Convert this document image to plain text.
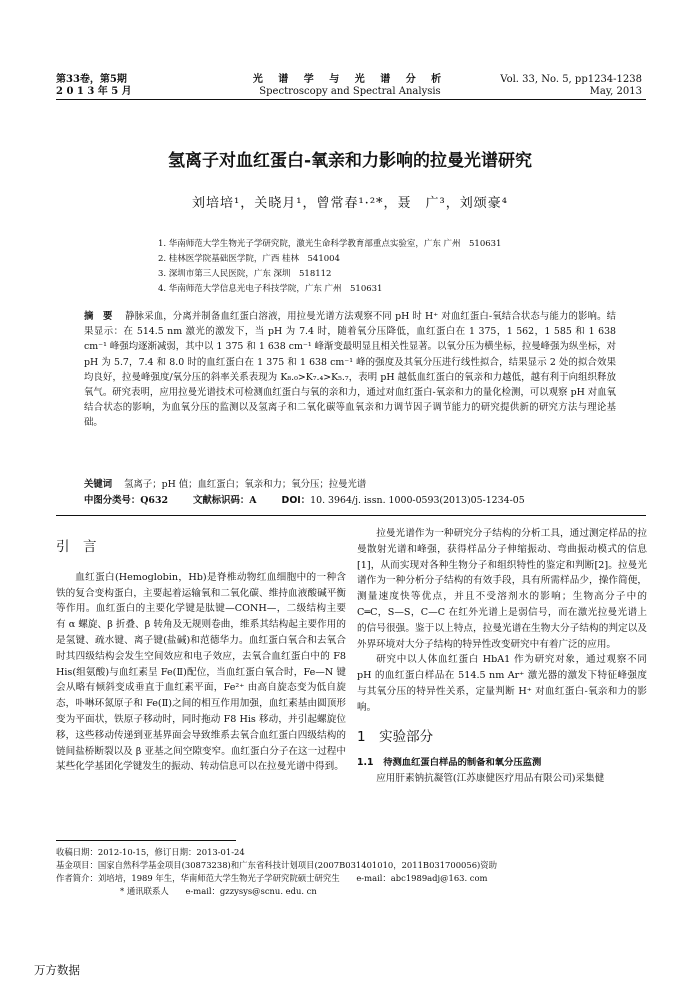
第33卷，第5期
2 0 1 3 年 5 月
光 谱 学 与 光 谱 分 析
Spectroscopy and Spectral Analysis
Vol. 33, No. 5, pp1234-1238
May, 2013
氢离子对血红蛋白-氧亲和力影响的拉曼光谱研究
刘培培¹，关晓月¹，曾常春¹·²*，聂　广³，刘颂豪⁴
1. 华南师范大学生物光子学研究院，激光生命科学教育部重点实验室，广东 广州　510631
2. 桂林医学院基础医学院，广西 桂林　541004
3. 深圳市第三人民医院，广东 深圳　518112
4. 华南师范大学信息光电子科技学院，广东 广州　510631
摘　要 静脉采血，分离并制备血红蛋白溶液，用拉曼光谱方法观察不同 pH 时 H⁺ 对血红蛋白-氧结合状态与能力的影响。结果显示：在 514.5 nm 激光的激发下，当 pH 为 7.4 时，随着氧分压降低，血红蛋白在 1 375，1 562，1 585 和 1 638 cm⁻¹ 峰强均逐渐减弱，其中以 1 375 和 1 638 cm⁻¹ 峰渐变最明显且相关性显著。以氧分压为横坐标，拉曼峰强为纵坐标，对 pH 为 5.7，7.4 和 8.0 时的血红蛋白在 1 375 和 1 638 cm⁻¹ 峰的强度及其氧分压进行线性拟合，结果显示 2 处的拟合效果均良好，拉曼峰强度/氧分压的斜率关系表现为 K₈.₀>K₇.₄>K₅.₇，表明 pH 越低血红蛋白的氧亲和力越低，越有利于向组织释放氧气。研究表明，应用拉曼光谱技术可检测血红蛋白与氧的亲和力，通过对血红蛋白-氧亲和力的量化检测，可以观察 pH 对血氧结合状态的影响，为血氧分压的监测以及氢离子和二氧化碳等血氧亲和力调节因子调节能力的研究提供新的研究方法与理论基础。
关键词 氢离子；pH 值；血红蛋白；氧亲和力；氧分压；拉曼光谱
中图分类号：Q632	文献标识码：A	DOI：10. 3964/j. issn. 1000-0593(2013)05-1234-05
引　言

血红蛋白(Hemoglobin，Hb)是脊椎动物红血细胞中的一种含铁的复合变构蛋白，主要起着运输氧和二氧化碳、维持血液酸碱平衡等作用。血红蛋白的主要化学键是肽键—CONH—，二级结构主要有 α 螺旋、β 折叠、β 转角及无规则卷曲，维系其结构起主要作用的是氢键、疏水键、离子键(盐碱)和范德华力。血红蛋白氧合和去氧合时其四级结构会发生空间效应和电子效应，去氧合血红蛋白中的 F8 His(组氨酸)与血红素呈 Fe(Ⅱ)配位，当血红蛋白氧合时，Fe—N 键会从略有倾斜变成垂直于血红素平面，Fe²⁺ 由高自旋态变为低自旋态，卟啉环氮原子和 Fe(Ⅱ)之间的相互作用加强，血红素基由圆顶形变为平面状，铁原子移动时，同时拖动 F8 His 移动，并引起螺旋位移，这些移动传递到亚基界面会导致维系去氧合血红蛋白四级结构的链间盐桥断裂以及 β 亚基之间空隙变窄。血红蛋白分子在这一过程中某些化学基团化学键发生的振动、转动信息可以在拉曼光谱中得到。

拉曼光谱作为一种研究分子结构的分析工具，通过测定样品的拉曼散射光谱和峰强，获得样品分子伸缩振动、弯曲振动模式的信息[1]，从而实现对各种生物分子和组织特性的鉴定和判断[2]。拉曼光谱作为一种分析分子结构的有效手段，具有所需样品少，操作简便，测量速度快等优点，并且不受溶剂水的影响；生物高分子中的 C═C，S—S，C—C 在红外光谱上是弱信号，而在激光拉曼光谱上的信号很强。鉴于以上特点，拉曼光谱在生物大分子结构的判定以及外界环境对大分子结构的特异性改变研究中有着广泛的应用。

研究中以人体血红蛋白 HbA1 作为研究对象，通过观察不同 pH 的血红蛋白样品在 514.5 nm Ar⁺ 激光器的激发下特征峰强度与其氧分压的特异性关系，定量判断 H⁺ 对血红蛋白-氧亲和力的影响。

1　实验部分
1.1 待测血红蛋白样品的制备和氧分压监测

应用肝素钠抗凝管(江苏康健医疗用品有限公司)采集健

收稿日期：2012-10-15，修订日期：2013-01-24
基金项目：国家自然科学基金项目(30873238)和广东省科技计划项目(2007B031401010，2011B031700056)资助
作者简介：刘培培，1989 年生，华南师范大学生物光子学研究院硕士研究生　　e-mail：abc1989adj@163. com
* 通讯联系人　　e-mail：gzzysys@scnu. edu. cn
万方数据
